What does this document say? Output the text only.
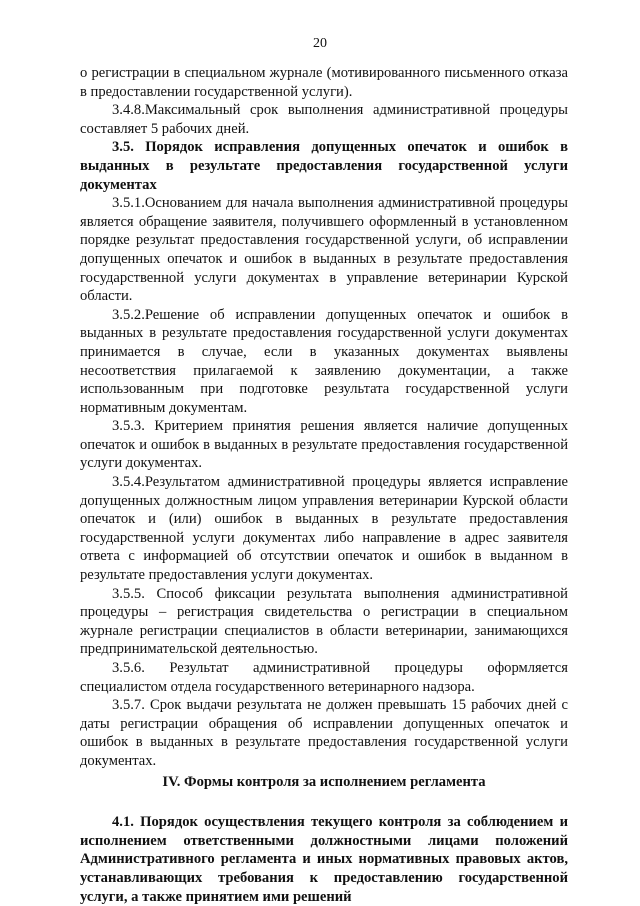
20

о регистрации в специальном журнале (мотивированного письменного отказа в предоставлении государственной услуги).

3.4.8.Максимальный срок выполнения административной процедуры составляет 5 рабочих дней.

3.5. Порядок исправления допущенных опечаток и ошибок в выданных в результате предоставления государственной услуги документах

3.5.1.Основанием для начала выполнения административной процедуры является обращение заявителя, получившего оформленный в установленном порядке результат предоставления государственной услуги, об исправлении допущенных опечаток и ошибок в выданных в результате предоставления государственной услуги документах в управление ветеринарии Курской области.

3.5.2.Решение об исправлении допущенных опечаток и ошибок в выданных в результате предоставления государственной услуги документах принимается в случае, если в указанных документах выявлены несоответствия прилагаемой к заявлению документации, а также использованным при подготовке результата государственной услуги нормативным документам.

3.5.3. Критерием принятия решения является наличие допущенных опечаток и ошибок в выданных в результате предоставления государственной услуги документах.

3.5.4.Результатом административной процедуры является исправление допущенных должностным лицом управления ветеринарии Курской области опечаток и (или) ошибок в выданных в результате предоставления государственной услуги документах либо направление в адрес заявителя ответа с информацией об отсутствии опечаток и ошибок в выданном в результате предоставления услуги документах.

3.5.5. Способ фиксации результата выполнения административной процедуры – регистрация свидетельства о регистрации в специальном журнале регистрации специалистов в области ветеринарии, занимающихся предпринимательской деятельностью.

3.5.6. Результат административной процедуры оформляется специалистом отдела государственного ветеринарного надзора.

3.5.7. Срок выдачи результата не должен превышать 15 рабочих дней с даты регистрации обращения об исправлении допущенных опечаток и ошибок в выданных в результате предоставления государственной услуги документах.

IV. Формы контроля за исполнением регламента

4.1. Порядок осуществления текущего контроля за соблюдением и исполнением ответственными должностными лицами положений Административного регламента и иных нормативных правовых актов, устанавливающих требования к предоставлению государственной услуги, а также принятием ими решений
